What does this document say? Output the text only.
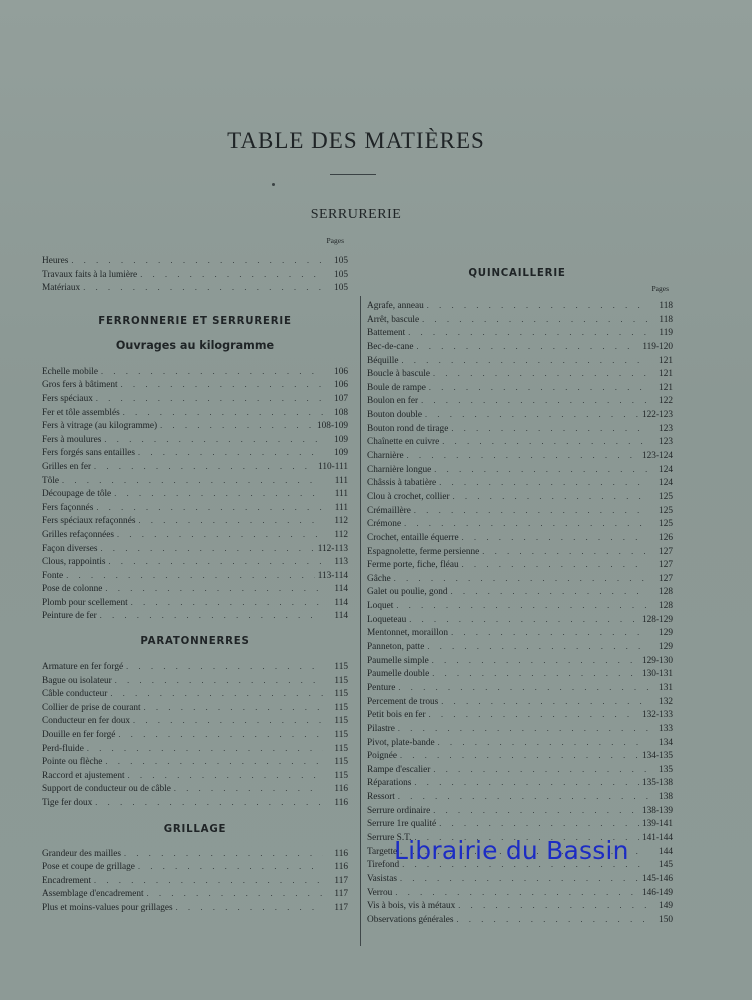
TABLE DES MATIÈRES
SERRURERIE
Pages
Heures . . .	105
Travaux faits à la lumière . . .	105
Matériaux . . .	105
FERRONNERIE ET SERRURERIE
Ouvrages au kilogramme
Echelle mobile . . .	106
Gros fers à bâtiment . . .	106
Fers spéciaux . . .	107
Fer et tôle assemblés . . .	108
Fers à vitrage (au kilogramme) . . .	108-109
Fers à moulures . . .	109
Fers forgés sans entailles . . .	109
Grilles en fer . . .	110-111
Tôle . . .	111
Découpage de tôle . . .	111
Fers façonnés . . .	111
Fers spéciaux refaçonnés . . .	112
Grilles refaçonnées . . .	112
Façon diverses . . .	112-113
Clous, rappointis . . .	113
Fonte . . .	113-114
Pose de colonne . . .	114
Plomb pour scellement . . .	114
Peinture de fer . . .	114
PARATONNERRES
Armature en fer forgé . . .	115
Bague ou isolateur . . .	115
Câble conducteur . . .	115
Collier de prise de courant . . .	115
Conducteur en fer doux . . .	115
Douille en fer forgé . . .	115
Perd-fluide . . .	115
Pointe ou flèche . . .	115
Raccord et ajustement . . .	115
Support de conducteur ou de câble . . .	116
Tige fer doux . . .	116
GRILLAGE
Grandeur des mailles . . .	116
Pose et coupe de grillage . . .	116
Encadrement . . .	117
Assemblage d'encadrement . . .	117
Plus et moins-values pour grillages . . .	117
QUINCAILLERIE
Pages
Agrafe, anneau . . .	118
Arrêt, bascule . . .	118
Battement . . .	119
Bec-de-cane . . .	119-120
Béquille . . .	121
Boucle à bascule . . .	121
Boule de rampe . . .	121
Boulon en fer . . .	122
Bouton double . . .	122-123
Bouton rond de tirage . . .	123
Chaînette en cuivre . . .	123
Charnière . . .	123-124
Charnière longue . . .	124
Châssis à tabatière . . .	124
Clou à crochet, collier . . .	125
Crémaillère . . .	125
Crémone . . .	125
Crochet, entaille équerre . . .	126
Espagnolette, ferme persienne . . .	127
Ferme porte, fiche, fléau . . .	127
Gâche . . .	127
Galet ou poulie, gond . . .	128
Loquet . . .	128
Loqueteau . . .	128-129
Mentonnet, moraillon . . .	129
Panneton, patte . . .	129
Paumelle simple . . .	129-130
Paumelle double . . .	130-131
Penture . . .	131
Percement de trous . . .	132
Petit bois en fer . . .	132-133
Pilastre . . .	133
Pivot, plate-bande . . .	134
Poignée . . .	134-135
Rampe d'escalier . . .	135
Réparations . . .	135-138
Ressort . . .	138
Serrure ordinaire . . .	138-139
Serrure 1re qualité . . .	139-141
Serrure S.T. . . .	141-144
Targette . . .	144
Tirefond . . .	145
Vasistas . . .	145-146
Verrou . . .	146-149
Vis à bois, vis à métaux . . .	149
Observations générales . . .	150
Librairie du Bassin
